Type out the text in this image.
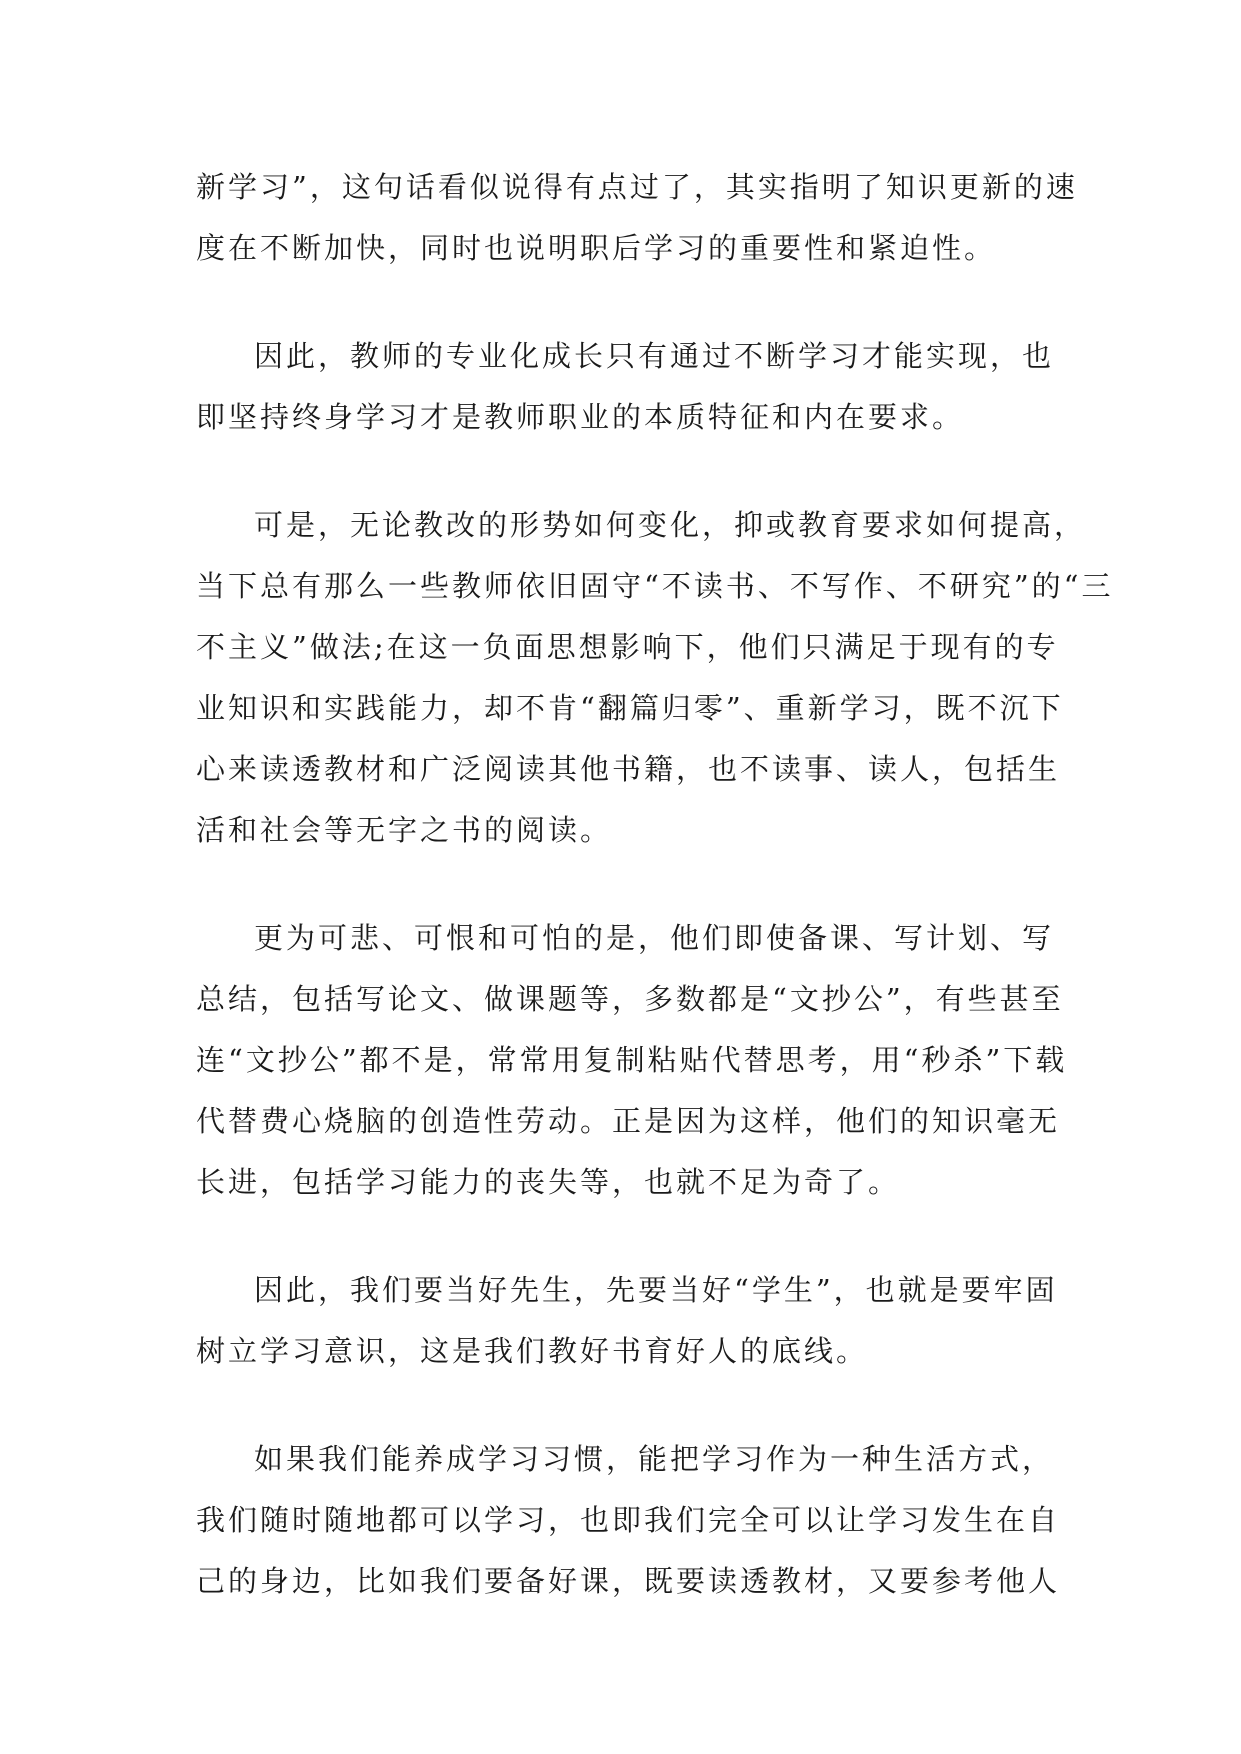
新学习”，这句话看似说得有点过了，其实指明了知识更新的速
度在不断加快，同时也说明职后学习的重要性和紧迫性。
因此，教师的专业化成长只有通过不断学习才能实现，也
即坚持终身学习才是教师职业的本质特征和内在要求。
可是，无论教改的形势如何变化，抑或教育要求如何提高，
当下总有那么一些教师依旧固守“不读书、不写作、不研究”的“三
不主义”做法;在这一负面思想影响下，他们只满足于现有的专
业知识和实践能力，却不肯“翻篇归零”、重新学习，既不沉下
心来读透教材和广泛阅读其他书籍，也不读事、读人，包括生
活和社会等无字之书的阅读。
更为可悲、可恨和可怕的是，他们即使备课、写计划、写
总结，包括写论文、做课题等，多数都是“文抄公”，有些甚至
连“文抄公”都不是，常常用复制粘贴代替思考，用“秒杀”下载
代替费心烧脑的创造性劳动。正是因为这样，他们的知识毫无
长进，包括学习能力的丧失等，也就不足为奇了。
因此，我们要当好先生，先要当好“学生”，也就是要牢固
树立学习意识，这是我们教好书育好人的底线。
如果我们能养成学习习惯，能把学习作为一种生活方式，
我们随时随地都可以学习，也即我们完全可以让学习发生在自
己的身边，比如我们要备好课，既要读透教材，又要参考他人
